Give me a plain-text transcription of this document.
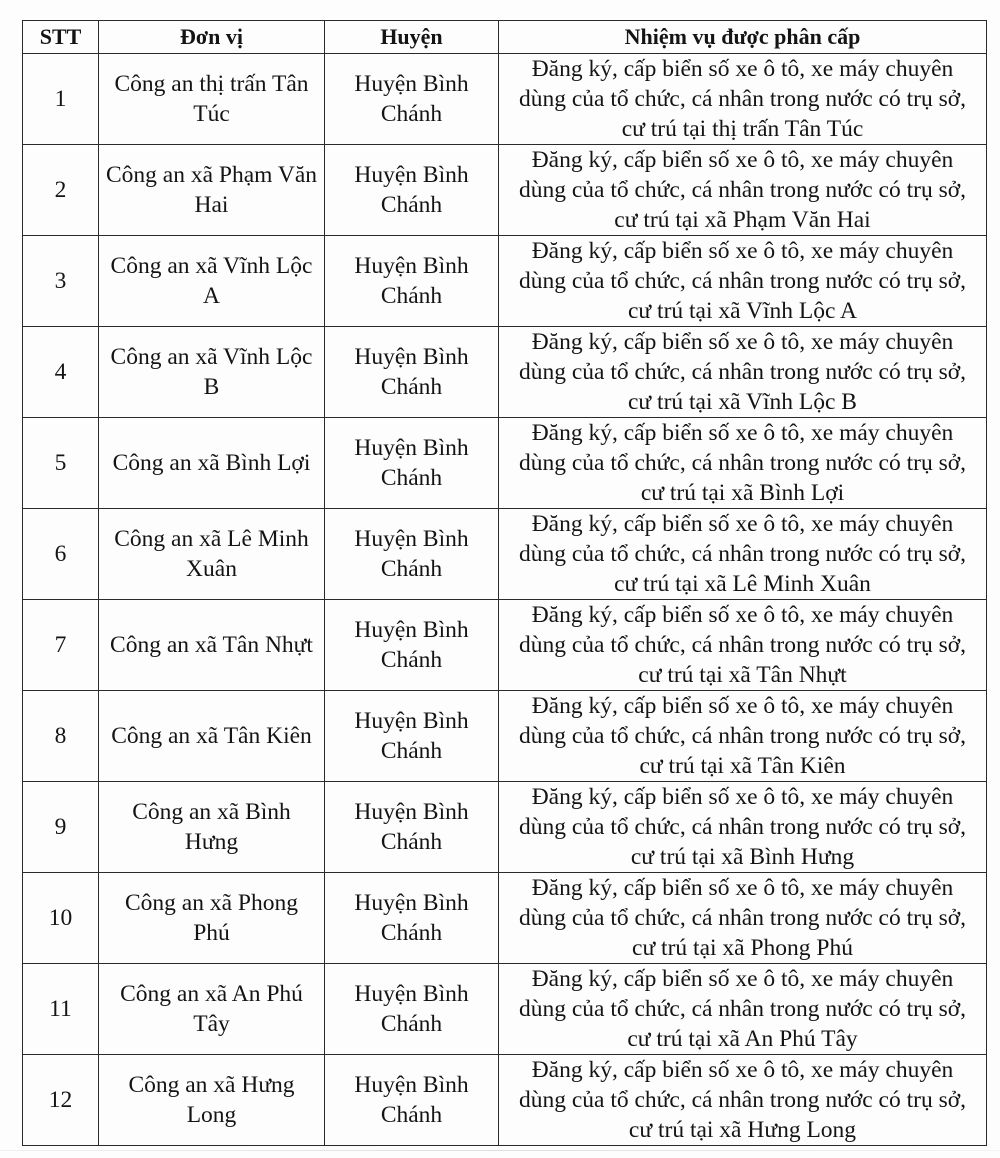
STT	Đơn vị	Huyện	Nhiệm vụ được phân cấp
1	Công an thị trấn Tân Túc	Huyện Bình Chánh	Đăng ký, cấp biển số xe ô tô, xe máy chuyên dùng của tổ chức, cá nhân trong nước có trụ sở, cư trú tại thị trấn Tân Túc
2	Công an xã Phạm Văn Hai	Huyện Bình Chánh	Đăng ký, cấp biển số xe ô tô, xe máy chuyên dùng của tổ chức, cá nhân trong nước có trụ sở, cư trú tại xã Phạm Văn Hai
3	Công an xã Vĩnh Lộc A	Huyện Bình Chánh	Đăng ký, cấp biển số xe ô tô, xe máy chuyên dùng của tổ chức, cá nhân trong nước có trụ sở, cư trú tại xã Vĩnh Lộc A
4	Công an xã Vĩnh Lộc B	Huyện Bình Chánh	Đăng ký, cấp biển số xe ô tô, xe máy chuyên dùng của tổ chức, cá nhân trong nước có trụ sở, cư trú tại xã Vĩnh Lộc B
5	Công an xã Bình Lợi	Huyện Bình Chánh	Đăng ký, cấp biển số xe ô tô, xe máy chuyên dùng của tổ chức, cá nhân trong nước có trụ sở, cư trú tại xã Bình Lợi
6	Công an xã Lê Minh Xuân	Huyện Bình Chánh	Đăng ký, cấp biển số xe ô tô, xe máy chuyên dùng của tổ chức, cá nhân trong nước có trụ sở, cư trú tại xã Lê Minh Xuân
7	Công an xã Tân Nhựt	Huyện Bình Chánh	Đăng ký, cấp biển số xe ô tô, xe máy chuyên dùng của tổ chức, cá nhân trong nước có trụ sở, cư trú tại xã Tân Nhựt
8	Công an xã Tân Kiên	Huyện Bình Chánh	Đăng ký, cấp biển số xe ô tô, xe máy chuyên dùng của tổ chức, cá nhân trong nước có trụ sở, cư trú tại xã Tân Kiên
9	Công an xã Bình Hưng	Huyện Bình Chánh	Đăng ký, cấp biển số xe ô tô, xe máy chuyên dùng của tổ chức, cá nhân trong nước có trụ sở, cư trú tại xã Bình Hưng
10	Công an xã Phong Phú	Huyện Bình Chánh	Đăng ký, cấp biển số xe ô tô, xe máy chuyên dùng của tổ chức, cá nhân trong nước có trụ sở, cư trú tại xã Phong Phú
11	Công an xã An Phú Tây	Huyện Bình Chánh	Đăng ký, cấp biển số xe ô tô, xe máy chuyên dùng của tổ chức, cá nhân trong nước có trụ sở, cư trú tại xã An Phú Tây
12	Công an xã Hưng Long	Huyện Bình Chánh	Đăng ký, cấp biển số xe ô tô, xe máy chuyên dùng của tổ chức, cá nhân trong nước có trụ sở, cư trú tại xã Hưng Long
